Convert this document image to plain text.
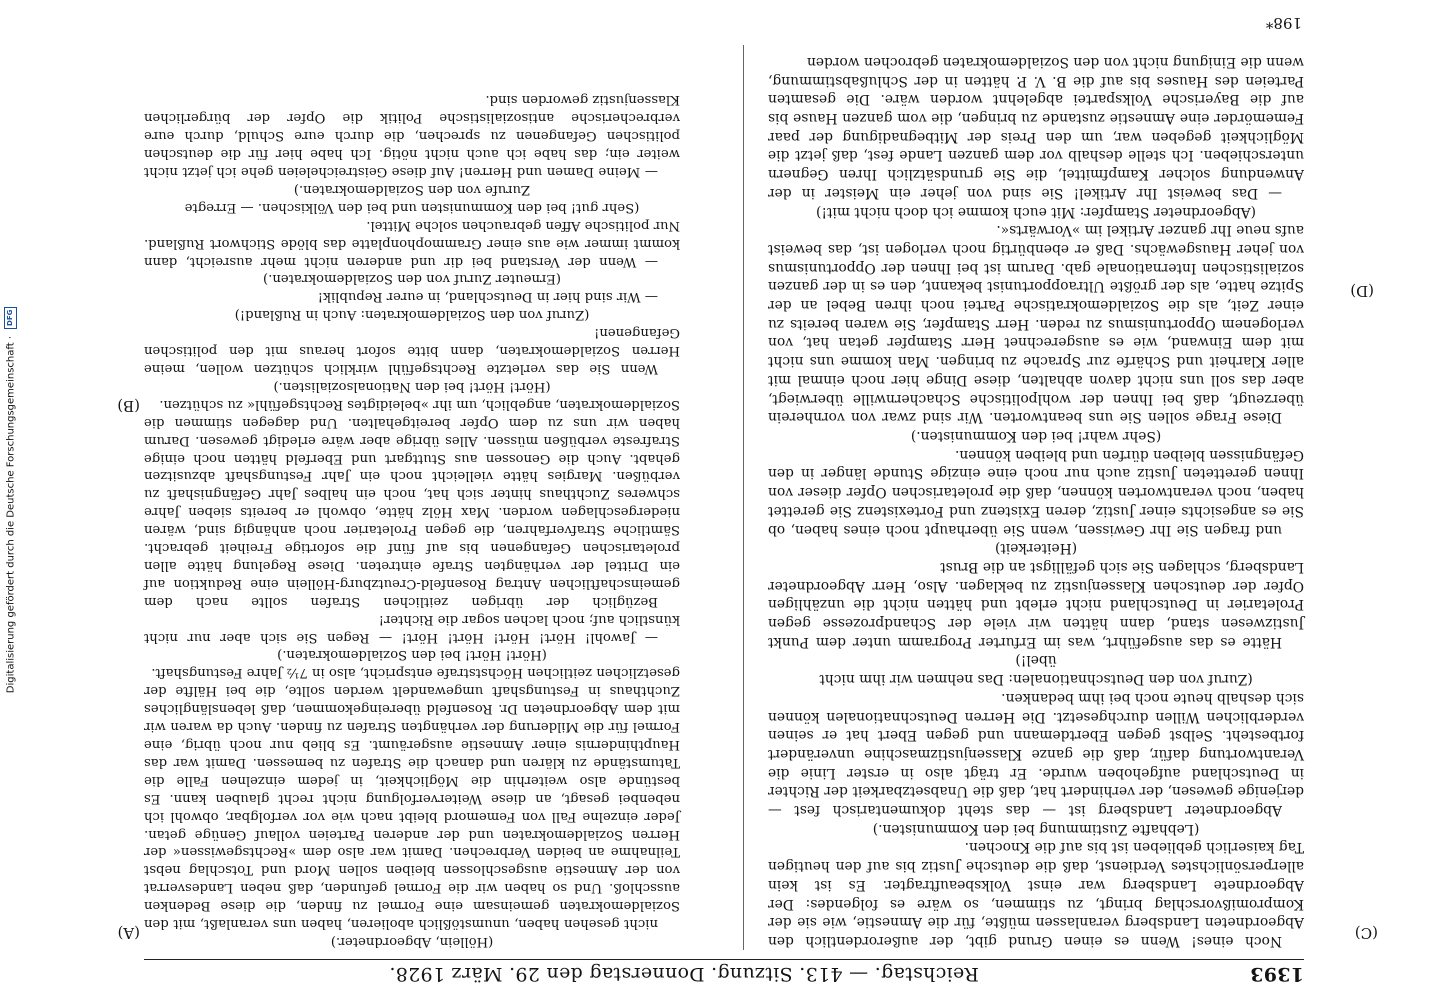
1393
Reichstag. — 413. Sitzung. Donnerstag den 29. März 1928.
(A)
(B)
(C)
(D)

Noch eines! Wenn es einen Grund gibt, der außerordentlich den Abgeordneten Landsberg veranlassen müßte, für die Amnestie, wie sie der Kompromißvorschlag bringt, zu stimmen, so wäre es folgendes: Der Abgeordnete Landsberg war einst Volksbeauftragter. Es ist kein allerpersönlichstes Verdienst, daß die deutsche Justiz bis auf den heutigen Tag kaiserlich geblieben ist bis auf die Knochen.

(Lebhafte Zustimmung bei den Kommunisten.)

Abgeordneter Landsberg ist — das steht dokumentarisch fest — derjenige gewesen, der verhindert hat, daß die Unabsetzbarkeit der Richter in Deutschland aufgehoben wurde. Er trägt also in erster Linie die Verantwortung dafür, daß die ganze Klassenjustizmaschine unverändert fortbesteht. Selbst gegen Ebertdemann und gegen Ebert hat er seinen verderblichen Willen durchgesetzt. Die Herren Deutschnationalen können sich deshalb heute noch bei ihm bedanken.

(Zuruf von den Deutschnationalen: Das nehmen wir ihm nicht übel!)

Hätte es das ausgeführt, was im Erfurter Programm unter dem Punkt Justizwesen stand, dann hätten wir viele der Schandprozesse gegen Proletarier in Deutschland nicht erlebt und hätten nicht die unzähligen Opfer der deutschen Klassenjustiz zu beklagen. Also, Herr Abgeordneter Landsberg, schlagen Sie sich gefälligst an die Brust

(Heiterkeit)

und fragen Sie Ihr Gewissen, wenn Sie überhaupt noch eines haben, ob Sie es angesichts einer Justiz, deren Existenz und Fortexistenz Sie gerettet haben, noch verantworten können, daß die proletarischen Opfer dieser von Ihnen geretteten Justiz auch nur noch eine einzige Stunde länger in den Gefängnissen bleiben dürfen und bleiben können.

(Sehr wahr! bei den Kommunisten.)

Diese Frage sollen Sie uns beantworten. Wir sind zwar von vornherein überzeugt, daß bei Ihnen der wohlpolitische Schachernwille überwiegt, aber das soll uns nicht davon abhalten, diese Dinge hier noch einmal mit aller Klarheit und Schärfe zur Sprache zu bringen. Man komme uns nicht mit dem Einwand, wie es ausgerechnet Herr Stampfer getan hat, von verlogenem Opportunismus zu reden. Herr Stampfer, Sie waren bereits zu einer Zeit, als die Sozialdemokratische Partei noch ihren Bebel an der Spitze hatte, als der größte Ultraopportunist bekannt, den es in der ganzen sozialistischen Internationale gab. Darum ist bei Ihnen der Opportunismus von jeher Hausgewächs. Daß er ebenbürtig noch verlogen ist, das beweist aufs neue Ihr ganzer Artikel im »Vorwärts«.

(Abgeordneter Stampfer: Mit euch komme ich doch nicht mit!)

— Das beweist Ihr Artikel! Sie sind von jeher ein Meister in der Anwendung solcher Kampfmittel, die Sie grundsätzlich Ihren Gegnern unterschieben. Ich stelle deshalb vor dem ganzen Lande fest, daß jetzt die Möglichkeit gegeben war, um den Preis der Mitbegnadigung der paar Fememörder eine Amnestie zustande zu bringen, die vom ganzen Hause bis auf die Bayerische Volkspartei abgelehnt worden wäre. Die gesamten Parteien des Hauses bis auf die B. V. P. hätten in der Schlußabstimmung, wenn die Einigung nicht von den Sozialdemokraten gebrochen worden

(Höllein, Abgeordneter.)

nicht gesehen haben, unumstößlich abolieren, haben uns veranlaßt, mit den Sozialdemokraten gemeinsam eine Formel zu finden, die diese Bedenken ausschloß. Und so haben wir die Formel gefunden, daß neben Landesverrat von der Amnestie ausgeschlossen bleiben sollen Mord und Totschlag nebst Teilnahme an beiden Verbrechen. Damit war also dem »Rechtsgewissen« der Herren Sozialdemokraten und der anderen Parteien vollauf Genüge getan. Jeder einzelne Fall von Fememord bleibt nach wie vor verfolgbar, obwohl ich nebenbei gesagt, an diese Weiterverfolgung nicht recht glauben kann. Es bestünde also weiterhin die Möglichkeit, in jedem einzelnen Falle die Tatumstände zu klären und danach die Strafen zu bemessen. Damit war das Haupthindernis einer Amnestie ausgeräumt. Es blieb nur noch übrig, eine Formel für die Milderung der verhängten Strafen zu finden. Auch da waren wir mit dem Abgeordneten Dr. Rosenfeld übereingekommen, daß lebenslängliches Zuchthaus in Festungshaft umgewandelt werden sollte, die bei Hälfte der gesetzlichen zeitlichen Höchststrafe entspricht, also in 7½ Jahre Festungshaft.

(Hört! Hört! bei den Sozialdemokraten.)

— Jawohl! Hört! Hört! Hört! Hört! — Regen Sie sich aber nur nicht künstlich auf; noch lachen sogar die Richter!

Bezüglich der übrigen zeitlichen Strafen sollte nach dem gemeinschaftlichen Antrag Rosenfeld-Creutzburg-Höllein eine Reduktion auf ein Drittel der verhängten Strafe eintreten. Diese Regelung hätte allen proletarischen Gefangenen bis auf fünf die sofortige Freiheit gebracht. Sämtliche Strafverfahren, die gegen Proletarier noch anhängig sind, wären niedergeschlagen worden. Max Hölz hätte, obwohl er bereits sieben Jahre schweres Zuchthaus hinter sich hat, noch ein halbes Jahr Gefängnishaft zu verbüßen. Margies hätte vielleicht noch ein Jahr Festungshaft abzusitzen gehabt. Auch die Genossen aus Stuttgart und Eberfeld hätten noch einige Strafreste verbüßen müssen. Alles übrige aber wäre erledigt gewesen. Darum haben wir uns zu dem Opfer bereitgehalten. Und dagegen stimmen die Sozialdemokraten, angeblich, um ihr »beleidigtes Rechtsgefühl« zu schützen.

(Hört! Hört! bei den Nationalsozialisten.)

Wenn Sie das verletzte Rechtsgefühl wirklich schützen wollen, meine Herren Sozialdemokraten, dann bitte sofort heraus mit den politischen Gefangenen!

(Zuruf von den Sozialdemokraten: Auch in Rußland!)

— Wir sind hier in Deutschland, in eurer Republik!

(Erneuter Zuruf von den Sozialdemokraten.)

— Wenn der Verstand bei dir und anderen nicht mehr ausreicht, dann kommt immer wie aus einer Grammophonplatte das blöde Stichwort Rußland. Nur politische Affen gebrauchen solche Mittel.

(Sehr gut! bei den Kommunisten und bei den Völkischen. — Erregte Zurufe von den Sozialdemokraten.)

— Meine Damen und Herren! Auf diese Geistreicheleien gehe ich jetzt nicht weiter ein; das habe ich auch nicht nötig. Ich habe hier für die deutschen politischen Gefangenen zu sprechen, die durch eure Schuld, durch eure verbrecherische antisozialistische Politik die Opfer der bürgerlichen Klassenjustiz geworden sind.

198*
Digitalisierung gefördert durch die Deutsche Forschungsgemeinschaft · DFG
